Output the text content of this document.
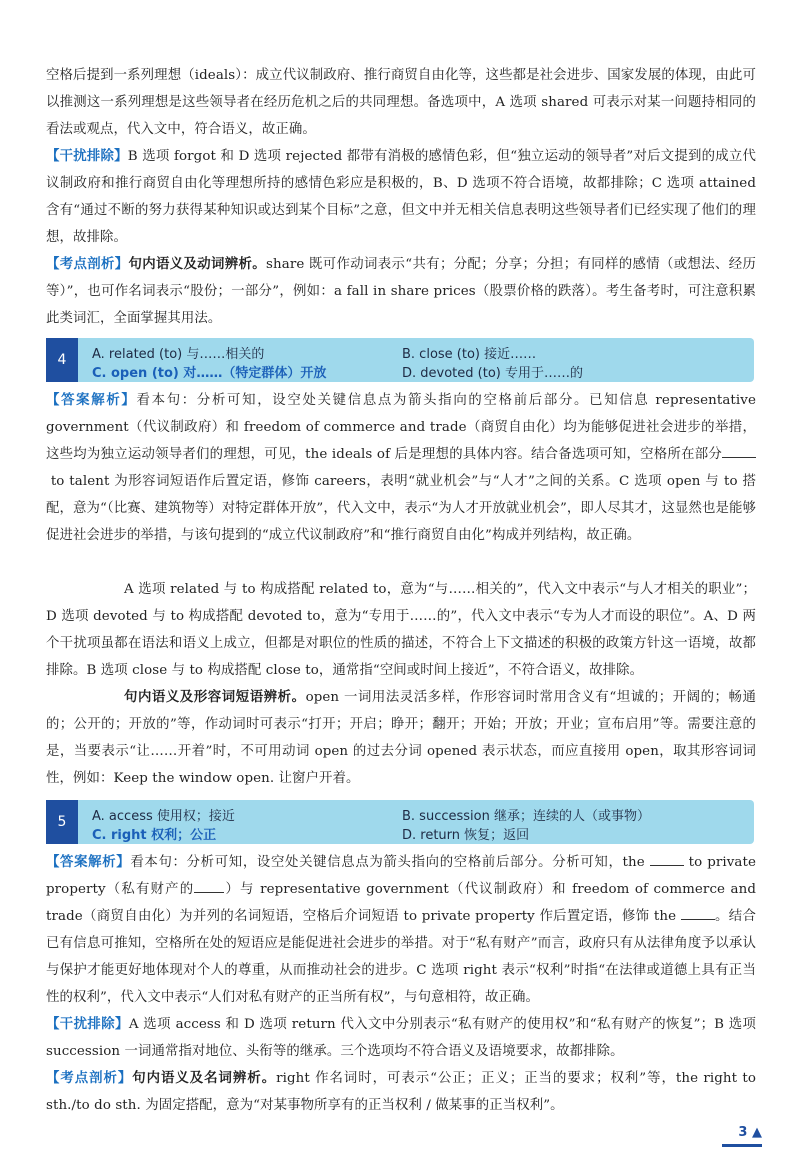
空格后提到一系列理想（ideals）：成立代议制政府、推行商贸自由化等，这些都是社会进步、国家发展的体现，由此可以推测这一系列理想是这些领导者在经历危机之后的共同理想。备选项中，A 选项 shared 可表示对某一问题持相同的看法或观点，代入文中，符合语义，故正确。

【干扰排除】B 选项 forgot 和 D 选项 rejected 都带有消极的感情色彩，但“独立运动的领导者”对后文提到的成立代议制政府和推行商贸自由化等理想所持的感情色彩应是积极的，B、D 选项不符合语境，故都排除；C 选项 attained 含有“通过不断的努力获得某种知识或达到某个目标”之意，但文中并无相关信息表明这些领导者们已经实现了他们的理想，故排除。

【考点剖析】句内语义及动词辨析。share 既可作动词表示“共有；分配；分享；分担；有同样的感情（或想法、经历等）”，也可作名词表示“股份；一部分”，例如：a fall in share prices（股票价格的跌落）。考生备考时，可注意积累此类词汇，全面掌握其用法。

4	A. related (to) 与……相关的	B. close (to) 接近……
C. open (to) 对……（特定群体）开放	D. devoted (to) 专用于……的

【答案解析】看本句：分析可知，设空处关键信息点为箭头指向的空格前后部分。已知信息 representative government（代议制政府）和 freedom of commerce and trade（商贸自由化）均为能够促进社会进步的举措，这些均为独立运动领导者们的理想，可见，the ideals of 后是理想的具体内容。结合备选项可知，空格所在部分 to talent 为形容词短语作后置定语，修饰 careers，表明“就业机会”与“人才”之间的关系。C 选项 open 与 to 搭配，意为“（比赛、建筑物等）对特定群体开放”，代入文中，表示“为人才开放就业机会”，即人尽其才，这显然也是能够促进社会进步的举措，与该句提到的“成立代议制政府”和“推行商贸自由化”构成并列结构，故正确。

A 选项 related 与 to 构成搭配 related to，意为“与……相关的”，代入文中表示“与人才相关的职业”；D 选项 devoted 与 to 构成搭配 devoted to，意为“专用于……的”，代入文中表示“专为人才而设的职位”。A、D 两个干扰项虽都在语法和语义上成立，但都是对职位的性质的描述，不符合上下文描述的积极的政策方针这一语境，故都排除。B 选项 close 与 to 构成搭配 close to，通常指“空间或时间上接近”，不符合语义，故排除。

句内语义及形容词短语辨析。open 一词用法灵活多样，作形容词时常用含义有“坦诚的；开阔的；畅通的；公开的；开放的”等，作动词时可表示“打开；开启；睁开；翻开；开始；开放；开业；宣布启用”等。需要注意的是，当要表示“让……开着”时，不可用动词 open 的过去分词 opened 表示状态，而应直接用 open，取其形容词词性，例如：Keep the window open. 让窗户开着。

5	A. access 使用权；接近	B. succession 继承；连续的人（或事物）
C. right 权利；公正	D. return 恢复；返回

【答案解析】看本句：分析可知，设空处关键信息点为箭头指向的空格前后部分。分析可知，the	to private property（私有财产的 ）与 representative government（代议制政府）和 freedom of commerce and trade（商贸自由化）为并列的名词短语，空格后介词短语 to private property 作后置定语，修饰 the	。结合已有信息可推知，空格所在处的短语应是能促进社会进步的举措。对于“私有财产”而言，政府只有从法律角度予以承认与保护才能更好地体现对个人的尊重，从而推动社会的进步。C 选项 right 表示“权利”时指“在法律或道德上具有正当性的权利”，代入文中表示“人们对私有财产的正当所有权”，与句意相符，故正确。

【干扰排除】A 选项 access 和 D 选项 return 代入文中分别表示“私有财产的使用权”和“私有财产的恢复”；B 选项 succession 一词通常指对地位、头衔等的继承。三个选项均不符合语义及语境要求，故都排除。

【考点剖析】句内语义及名词辨析。right 作名词时，可表示“公正；正义；正当的要求；权利”等，the right to sth./to do sth. 为固定搭配，意为“对某事物所享有的正当权利 / 做某事的正当权利”。

3 ▲
